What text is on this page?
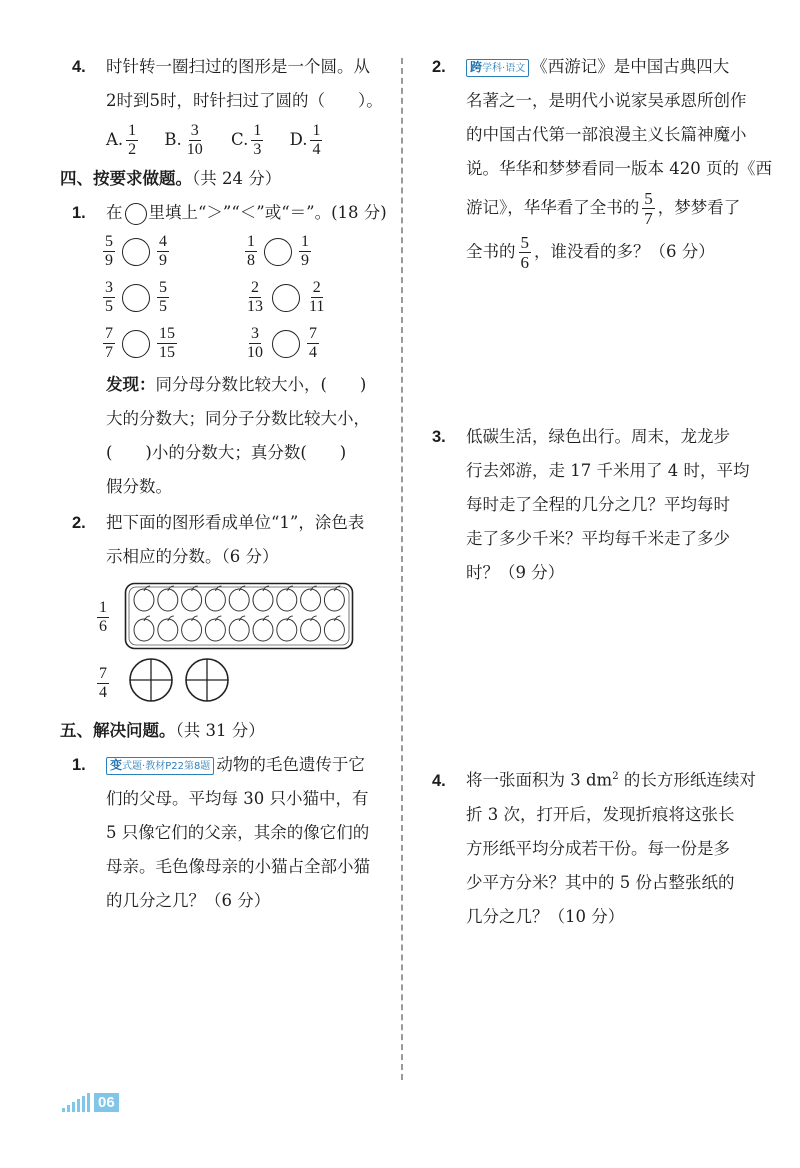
4. 时针转一圈扫过的图形是一个圆。从
2时到5时，时针扫过了圆的（　　）。
A. $\frac{1}{2} B$. $\frac{3}{10} C$. $\frac{1}{3} D$. $\frac{1}{4}$
四、按要求做题。（共 24 分）
1. 在 里填上“＞”“＜”或“＝”。(18 分)
$\frac{5}{9}$	$\frac{4}{9}$	$\frac{1}{8}$	$\frac{1}{9}$
$\frac{3}{5}$	$\frac{5}{5}$	$\frac{2}{13}$	$\frac{2}{11}$
$\frac{7}{7}$	$\frac{15}{15}$	$\frac{3}{10}$	$\frac{7}{4}$
发现：同分母分数比较大小，(　　)
大的分数大；同分子分数比较大小，
(　　)小的分数大；真分数(　　)
假分数。
2. 把下面的图形看成单位“1”，涂色表
示相应的分数。（6 分）
$\frac{1}{6}$
$\frac{7}{4}$
五、解决问题。（共 31 分）
1. 变式题·教材P22第8题 动物的毛色遗传于它
们的父母。平均每 30 只小猫中，有
5 只像它们的父亲，其余的像它们的
母亲。毛色像母亲的小猫占全部小猫
的几分之几？（6 分）
2. 跨学科·语文 《西游记》是中国古典四大
名著之一，是明代小说家吴承恩所创作
的中国古代第一部浪漫主义长篇神魔小
说。华华和梦梦看同一版本 420 页的《西
游记》，华华看了全书的 $\frac{5}{7}$ ，梦梦看了
全书的 $\frac{5}{6}$ ，谁没看的多？（6 分）
3. 低碳生活，绿色出行。周末，龙龙步
行去郊游，走 17 千米用了 4 时，平均
每时走了全程的几分之几？平均每时
走了多少千米？平均每千米走了多少
时？（9 分）
4. 将一张面积为 3 $dm^2$ 的长方形纸连续对
折 3 次，打开后，发现折痕将这张长
方形纸平均分成若干份。每一份是多
少平方分米？其中的 5 份占整张纸的
几分之几？（10 分）
06
